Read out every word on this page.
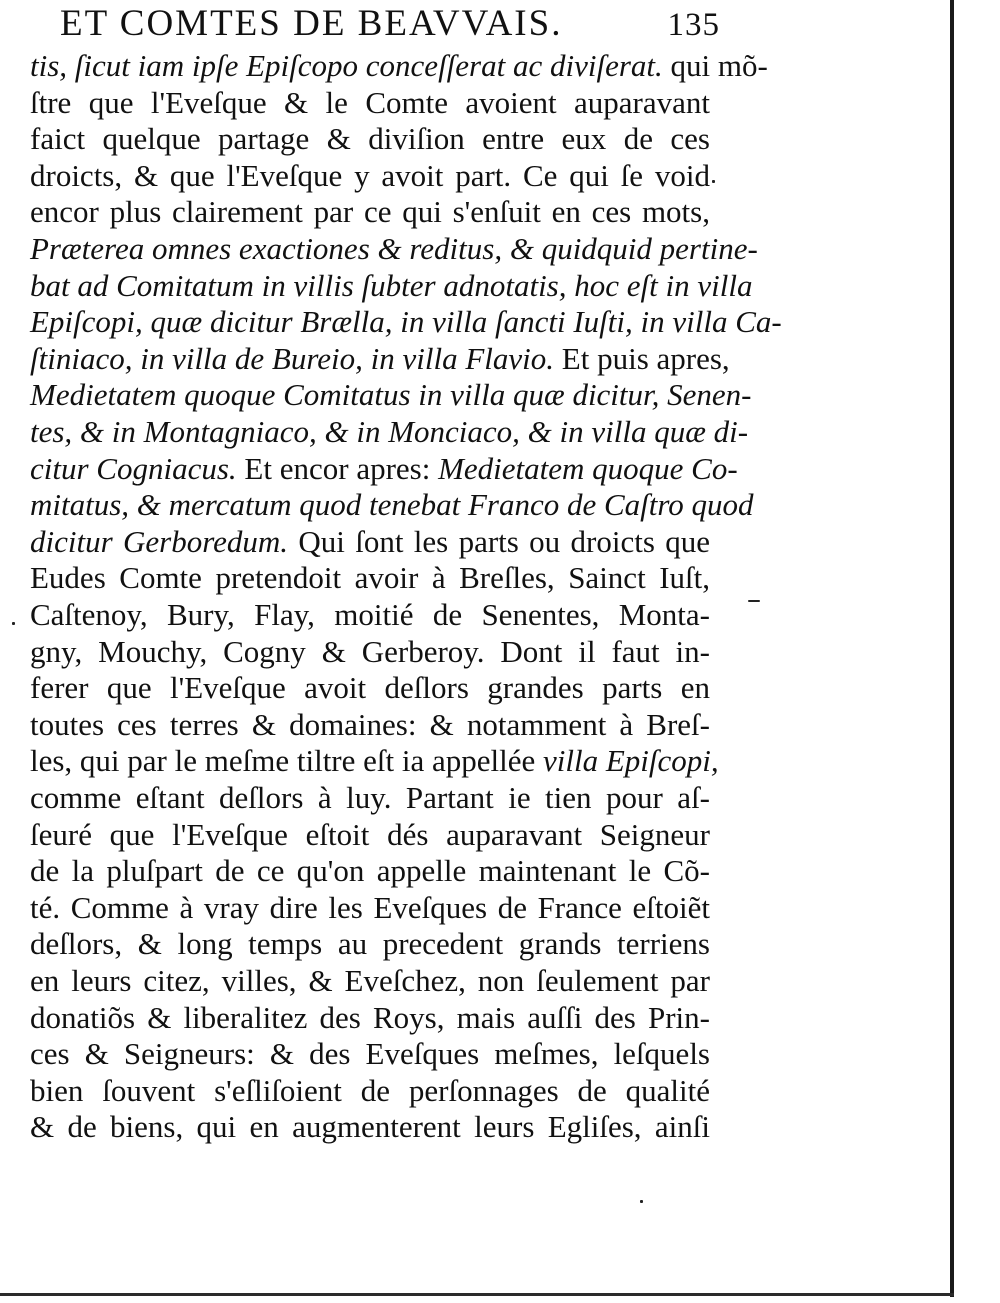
ET COMTES DE BEAVVAIS.	135
tis, ſicut iam ipſe Epiſcopo conceſſerat ac diviſerat. qui mõ-
ſtre que l'Eveſque & le Comte avoient auparavant
faict quelque partage & diviſion entre eux de ces
droicts, & que l'Eveſque y avoit part. Ce qui ſe void
encor plus clairement par ce qui s'enſuit en ces mots,
Præterea omnes exactiones & reditus, & quidquid pertine-
bat ad Comitatum in villis ſubter adnotatis, hoc eſt in villa
Epiſcopi, quæ dicitur Brælla, in villa ſancti Iuſti, in villa Ca-
ſtiniaco, in villa de Bureio, in villa Flavio. Et puis apres,
Medietatem quoque Comitatus in villa quæ dicitur, Senen-
tes, & in Montagniaco, & in Monciaco, & in villa quæ di-
citur Cogniacus. Et encor apres: Medietatem quoque Co-
mitatus, & mercatum quod tenebat Franco de Caſtro quod
dicitur Gerboredum. Qui ſont les parts ou droicts que
Eudes Comte pretendoit avoir à Breſles, Sainct Iuſt,
Caſtenoy, Bury, Flay, moitié de Senentes, Monta-
gny, Mouchy, Cogny & Gerberoy. Dont il faut in-
ferer que l'Eveſque avoit deſlors grandes parts en
toutes ces terres & domaines: & notamment à Breſ-
les, qui par le meſme tiltre eſt ia appellée villa Epiſcopi,
comme eſtant deſlors à luy. Partant ie tien pour aſ-
ſeuré que l'Eveſque eſtoit dés auparavant Seigneur
de la pluſpart de ce qu'on appelle maintenant le Cõ-
té. Comme à vray dire les Eveſques de France eſtoiẽt
deſlors, & long temps au precedent grands terriens
en leurs citez, villes, & Eveſchez, non ſeulement par
donatiõs & liberalitez des Roys, mais auſſi des Prin-
ces & Seigneurs: & des Eveſques meſmes, leſquels
bien ſouvent s'eſliſoient de perſonnages de qualité
& de biens, qui en augmenterent leurs Egliſes, ainſi
